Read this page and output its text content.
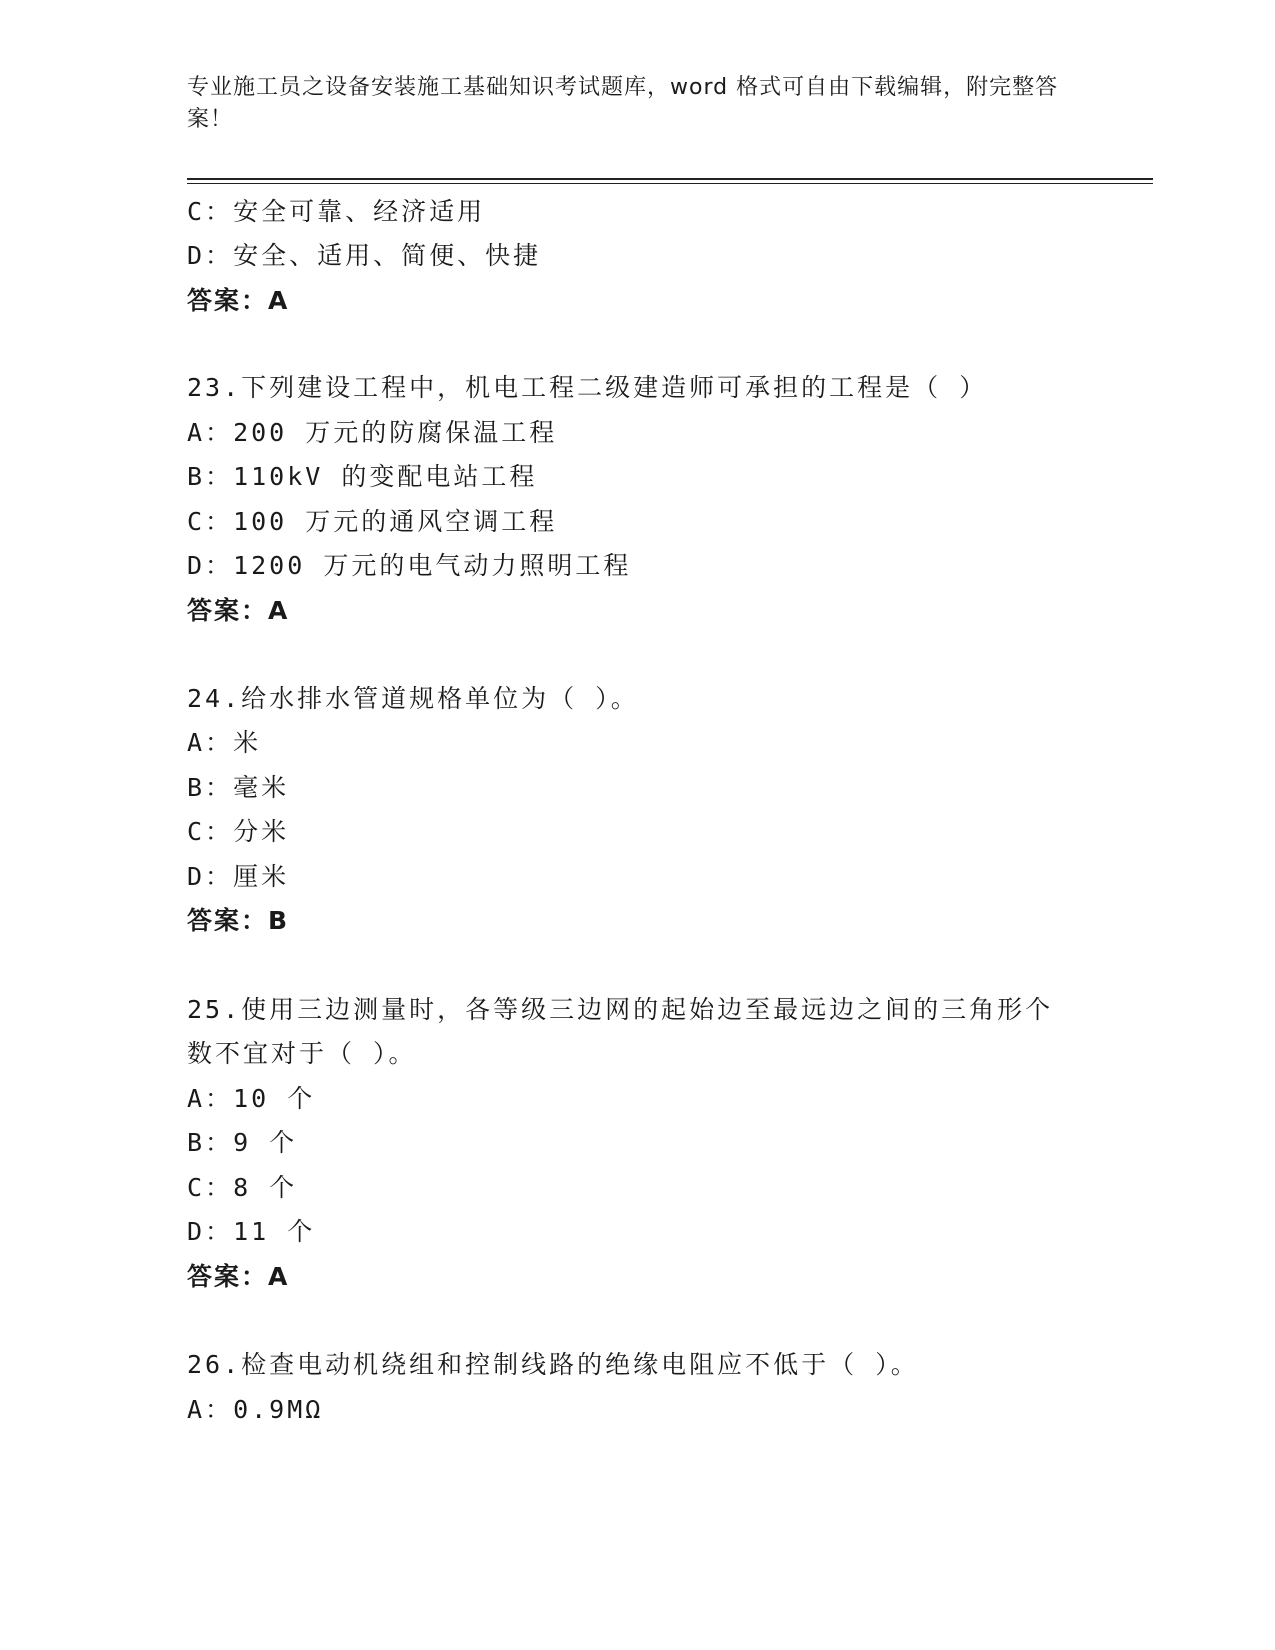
专业施工员之设备安装施工基础知识考试题库，word 格式可自由下载编辑，附完整答案！
C：安全可靠、经济适用
D：安全、适用、简便、快捷
答案：A
23.下列建设工程中，机电工程二级建造师可承担的工程是（ ）
A：200 万元的防腐保温工程
B：110kV 的变配电站工程
C：100 万元的通风空调工程
D：1200 万元的电气动力照明工程
答案：A
24.给水排水管道规格单位为（ ）。
A：米
B：毫米
C：分米
D：厘米
答案：B
25.使用三边测量时，各等级三边网的起始边至最远边之间的三角形个
数不宜对于（ ）。
A：10 个
B：9 个
C：8 个
D：11 个
答案：A
26.检查电动机绕组和控制线路的绝缘电阻应不低于（ ）。
A：0.9MΩ
